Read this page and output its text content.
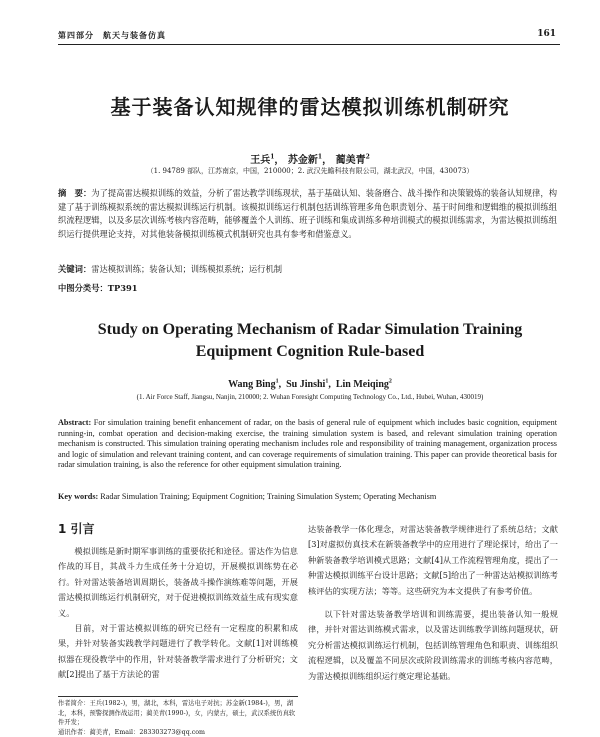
第四部分　航天与装备仿真	161
基于装备认知规律的雷达模拟训练机制研究
王兵$^1$， 苏金新$^1$， 蔺美青$^2$
（1. 94789 部队，江苏南京，中国，210000；2. 武汉先瞻科技有限公司，湖北武汉，中国，430073）
摘　要：为了提高雷达模拟训练的效益，分析了雷达教学训练现状，基于基础认知、装备磨合、战斗操作和决策锻炼的装备认知规律，构建了基于训练模拟系统的雷达模拟训练运行机制。该模拟训练运行机制包括训练管理多角色职责划分、基于时间维和逻辑维的模拟训练组织流程逻辑，以及多层次训练考核内容范畴，能够覆盖个人训练、班子训练和集成训练多种培训模式的模拟训练需求，为雷达模拟训练组织运行提供理论支持，对其他装备模拟训练模式机制研究也具有参考和借鉴意义。
关键词：雷达模拟训练；装备认知；训练模拟系统；运行机制
中图分类号：TP391
Study on Operating Mechanism of Radar Simulation Training
Equipment Cognition Rule-based
Wang Bing$^1$,  Su Jinshi$^1$,  Lin Meiqing$^2$
(1. Air Force Staff, Jiangsu, Nanjin, 210000; 2. Wuhan Foresight Computing Technology Co., Ltd., Hubei, Wuhan, 430019)
Abstract: For simulation training benefit enhancement of radar, on the basis of general rule of equipment which includes basic cognition, equipment running-in, combat operation and decision-making exercise, the training simulation system is based, and relevant simulation training operation mechanism is constructed. This simulation training operating mechanism includes role and responsibility of training management, organization process and logic of simulation and relevant training content, and can coverage requirements of simulation training. This paper can provide theoretical basis for radar simulation training, is also the reference for other equipment simulation training.
Key words: Radar Simulation Training; Equipment Cognition; Training Simulation System; Operating Mechanism
1 引言

模拟训练是新时期军事训练的重要依托和途径。雷达作为信息作战的耳目，其战斗力生成任务十分迫切，开展模拟训练势在必行。针对雷达装备培训周期长，装备战斗操作演练难等问题，开展雷达模拟训练运行机制研究，对于促进模拟训练效益生成有现实意义。

目前，对于雷达模拟训练的研究已经有一定程度的积累和成果，并针对装备实践教学问题进行了教学转化。文献[1]对训练模拟器在现役教学中的作用，针对装备教学需求进行了分析研究；文献[2]提出了基于方法论的雷

达装备教学一体化理念，对雷达装备教学规律进行了系统总结；文献[3]对虚拟仿真技术在新装备教学中的应用进行了理论探讨，给出了一种新装备教学培训模式思路；文献[4]从工作流程管理角度，提出了一种雷达模拟训练平台设计思路；文献[5]给出了一种雷达站模拟训练考核评估的实现方法；等等。这些研究为本文提供了有参考价值。

以下针对雷达装备教学培训和训练需要，提出装备认知一般规律，并针对雷达训练模式需求，以及雷达训练教学训练问题现状，研究分析雷达模拟训练运行机制，包括训练管理角色和职责、训练组织流程逻辑，以及覆盖不同层次或阶段训练需求的训练考核内容范畴，为雷达模拟训练组织运行奠定理论基础。

作者简介：王兵(1982-)，男，湖北，本科，雷达电子对抗；苏金新(1984-)，男，湖北，本科，预警探测作战运用；蔺美青(1990-)，女，内蒙古，硕士，武汉系统仿真软件开发；
通讯作者：蔺美青，Email：283303273@qq.com
